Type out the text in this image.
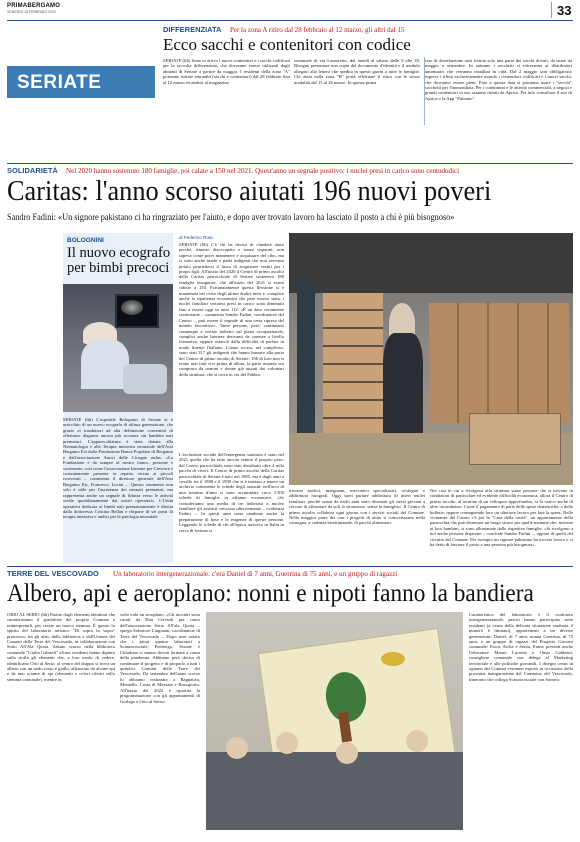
PRIMABERGAMO
VENERDÌ 18 FEBBRAIO 2022	33
SERIATE
DIFFERENZIATA Per la zona A ritiro dal 28 febbraio al 12 marzo, gli altri dal 15
Ecco sacchi e contenitori con codice
SERIATE (ltb) Sono in arrivo i nuovi contenitori e i sacchi codificati per la raccolta differenziata, che dovranno essere utilizzati dagli abitanti di Seriate a partire da maggio. I residenti della zona "A" potranno ritirare entrambi (sacchi e contenitori) dal 28 febbraio fino al 12 marzo recandosi al magazzino
comunale di via Lazzaretto, dal lunedì al sabato dalle 9 alle 18. Bisogna presentare una copia del documento d'identità e il modulo allegato alla lettera che spedita in questi giorni a tutte le famiglie. Chi abita nella zona "B" potrà effettuare il ritiro con le stesse modalità dal 15 al 26 marzo. In questa prima
fase di distribuzione sarà fornita solo una parte dei sacchi dovuti, da usare da maggio a settembre. In autunno i sacchetti si ritireranno ai distributori automatici che verranno installati in città. Dal 2 maggio sarà obbligatorio esporre i rifiuti esclusivamente usando i contenitori codificati e i nuovi sacchi, che dovranno essere pieni. Fino a questa data si potranno usare i "vecchi" sacchetti per l'immondizia. Per i condomini e le attività commerciali, a negozi e grandi contenitori in uso saranno ritirati da Aprica. Per info consultare il sito di Aprica o la App "Puliamo".
SOLIDARIETÀ Nel 2020 hanno sostenuto 180 famiglie, poi calate a 150 nel 2021. Quest'anno un segnale positivo: i nuclei presi in carico sono centododici
Caritas: l'anno scorso aiutati 196 nuovi poveri
Sandro Fadini: «Un signore pakistano ci ha ringraziato per l'aiuto, e dopo aver trovato lavoro ha lasciato il posto a chi è più bisognoso»
BOLOGNINI
Il nuovo ecografo per bimbi precoci
SERIATE (ltb) L'ospedale Bolognini di Seriate si è arricchito di un nuovo ecografo di ultima generazione, che grazie ai trasduttori ad alta definizione consentirà di effettuare diagnosi ancora più accurate sui bambini nati prematuri. L'apparecchiatura è stata donata alla Neonatologia e alla Terapia intensiva neonatale dell'Asst Bergamo Est dalla Fondazione Banca Popolare di Bergamo e dall'associazione Amici delle Cicogne onlus. «La Fondazione e da sempre al nostro fianco, presente e sostenente, così come l'associazione Insieme per Crescere e costantemente presente in reparto vicina ai piccoli ricoverati – commenta il direttore generale dell'Asst Bergamo Est, Francesco Locati –. Questo strumento non solo è utile per l'assistenza dei neonati prematuri, ma rappresenta anche un segnale di fiducia verso le attività svolte quotidianamente dai nostri operatori». L'Unità operativa dedicata ai bimbi nati prematuramente è diretta dalla dottoressa Cristina Bellan e dispone di sei posti di terapia intensiva e undici per la patologia neonatale.
di Federico Rota
SERIATE (ltb) C'è chi ha deciso di chiedere aiuto perché, rimasto disoccupato e senza risparmi, non sapeva come poter mantenere e acquistare del cibo, ma ci sono anche madri e padri indigenti che non avevano potuto permettersi il lusso di acquistare vestiti per i propri figli. All'inizio del 2020 il Centro di primo ascolto della Caritas parrocchiale di Seriate sosteneva 180 famiglie bisognose, che all'inizio del 2021 si erano ridotte a 150. Fortunatamente questa flessione si è mantenuta nel corso degli ultimi dodici mesi e, complice anche la ripartenza economica che pare essersi stata, i nuclei familiari seriatesi presi in carico sono diminuiti fino a essere oggi in tutto 112. «È un dato certamente confortante – commenta Sandro Fadini, coordinatore del Centro –, può essere il segnale di una certa ripresa del mondo lavorativo». Tante persone, però, continuano comunque a restare indietro sul piano occupazionale, complici anche barriere derivanti da carenze a livello formativo, oppure ostacoli dalla difficoltà di parlare in modo fluente l'italiano. L'anno scorso, nel complesso, sono stati 317 gli indigenti che hanno bussato alla porta del Centro di primo ascolto di Seriate: 196 di loro non si erano mai fatti vivi prima di allora, la parte restante era composta da uomini e donne già aiutati dai volontari della struttura, che si trova in via del Fabbro.
L'esclusione sociale dell'emergenza sanitaria è stato nel 2021 quella che ha fatto ancora sentire il proprio peso: dal Centro parrocchiale sono stati distribuiti oltre 4 mila pacchi di viveri. Il Centro di primo ascolto della Caritas parrocchiale di Seriate è nato nel 1985, ma è dagli anni a cavallo tra il 1988 e il 1990 che si è iniziato a tenere un archivio contenente le schede degli assistiti: nell'arco di una trentina d'anni si sono accumulate circa 3.500 schede di famiglie in affanno economico. «Se consideriamo una media di tre individui a nucleo familiare gli assistiti crescono ulteriormente – evidenzia Fadini –. In questi anni sono cambiate anche la preparazione di base e le esigenze di queste persone. Leggendo le schede di chi all'epoca arrivava in Italia in cerca di fortuna si
trovano medici, insegnanti, meccanici specializzati, orologiai o addirittura fotografi. Oggi sarei parlare addirittura di interi nuclei familiari, perché ormai da molti anni sono diventati gli stessi giovani a cercare di affrontare da soli la situazione, senza la famiglia». Il Centro di primo ascolto collabora ogni giorno con i servizi sociali del Comune. Nella maggior parte dei casi i progetti di aiuto si concretizzano nella consegna, a cadenza bisettimanale, di pacchi alimentari.
Nei casi in cui a rivolgersi alla struttura siano persone che si trovano in condizioni di particolare ed evidente difficoltà economica, allora il Centro di primo ascolto, al termine di un colloquio approfondito, si fa carico anche di altre incombenze. Come il pagamento di parte delle spese domestiche, o delle bollette, oppure conseguendo loro un ulteriore lavoro per fare la spesa. Nelle vicinanze del Centro c'è poi la "Casa della carità", un appartamento della parrocchia che può diventare un luogo sicuro per quelle mamme che, insieme ai loro bambini, si sono allontanate dalle rispettive famiglie. «Si rivolgono a noi anche persone disperate – conclude Sandro Fadini –, oppure di quelli del circuito del Comune. Per esempio un signore pakistano ha trovato lavoro e ci ha detto di lasciare il posto a una persona più bisognosa».
TERRE DEL VESCOVADO Un laboratorio intergenerazionale: c'era Daniel di 7 anni, Guerrina di 75 anni, e un gruppo di ragazzi
Albero, api e aeroplano: nonni e nipoti fanno la bandiera
ORIO AL SERIO (ltb) Partire dagli elementi identitari che caratterizzano il gonfalone del proprio Comune e reinterpretarli, per creare un nuovo stemma. È questo lo spirito del laboratorio artistico "Di sopra in sopra" promosso, tra gli altri, dalla biblioteca e dall'Unione dei Comuni delle Terre del Vescovado, in collaborazione con Sotto All'Ala Quota. Sabato scorso nella biblioteca comunale "Giulia Gabrieli" alcuni residenti hanno dipinto sulla stoffa gli elementi che, a loro modo di vedere, identificano Orio al Serio: al centro del drappo si trova un albero con un nodo rosso e giallo, affiancato da alcune api e da uno sciame di api (elementi e colori riferiti sullo stemma comunale), mentre in
cielo vola un aeroplano. «Gli incontri sono curati da Rita Ceresoli per conto dell'associazione Sotto All'ala Quota – spiega Salvatore Linguanti, coordinatore di Terre del Vescovado –. Dopo aver notato che i primi quattro laboratori a Scanzorosciate, Pedrengo, Seriate e Chiuduno si stanno dovuti fermare a causa della pandemia. Abbiamo però deciso di continuare il progetto e di proporlo a tutti i quindici Comuni delle Terre del Vescovado. Da settembre dell'anno scorso lo abbiamo realizzato a Bagnatica, Montello, Costa di Mezzate e Brusaporto. All'inizio del 2022 è ripartita la programmazione con gli appuntamenti di Gorlago e Orio al Serio».
Caratteristica del laboratorio è il confronto intergenerazionale, perciò hanno partecipato sette residenti (a causa della delicata situazione sanitaria il numero è limitato), appartenenti a tre diverse generazioni: Daniel, di 7 anni, nonna Guerrina, di 75 anni, e un gruppo di ragazzi del Progetto Giovani comunale: Erica, Aicha e Sonia. Erano presenti anche l'educatore Mauro Lucente e Omar Gabbrini, consigliere comunale con delega al Marketing territoriale e alle politiche giovanili. I disegni creati in ognuno dei Comuni verranno esposti in occasione della prossima inaugurazione del Cammino del Vescovado, itinerario che collega Scanzorosciate con Sarnico.
